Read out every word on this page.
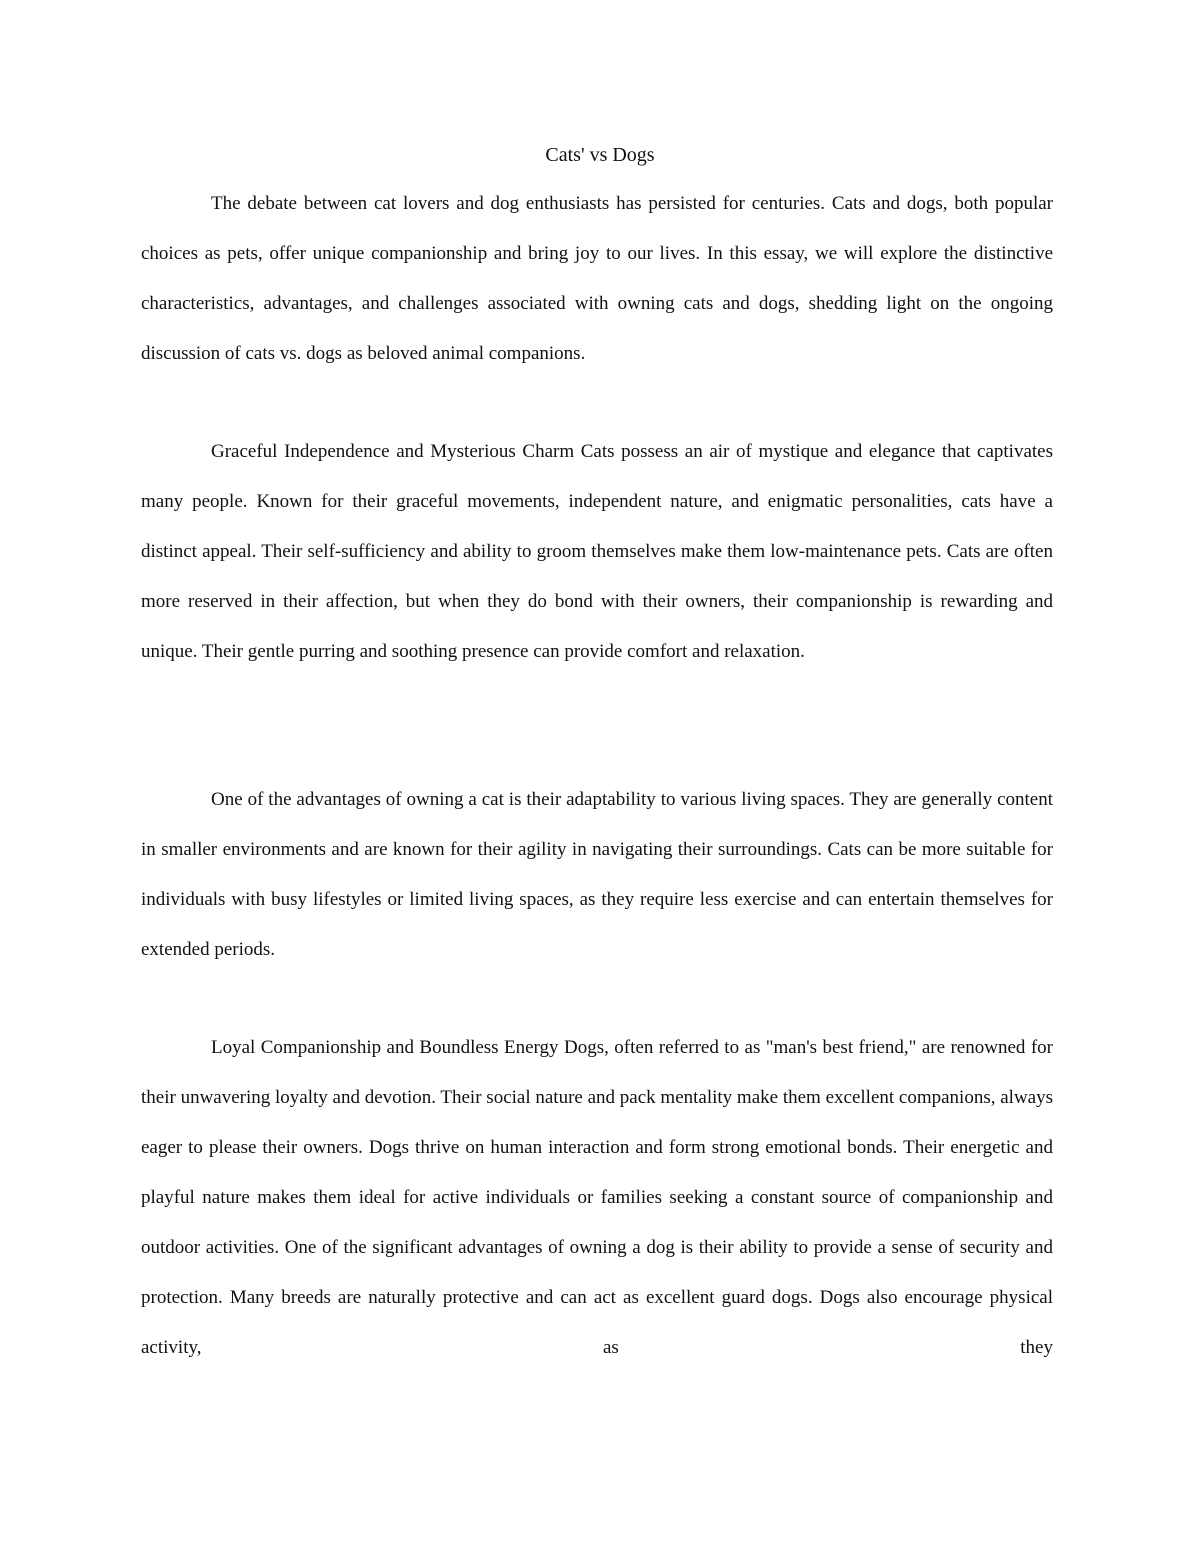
Cats' vs Dogs

The debate between cat lovers and dog enthusiasts has persisted for centuries. Cats and dogs, both popular choices as pets, offer unique companionship and bring joy to our lives. In this essay, we will explore the distinctive characteristics, advantages, and challenges associated with owning cats and dogs, shedding light on the ongoing discussion of cats vs. dogs as beloved animal companions.

Graceful Independence and Mysterious Charm Cats possess an air of mystique and elegance that captivates many people. Known for their graceful movements, independent nature, and enigmatic personalities, cats have a distinct appeal. Their self-sufficiency and ability to groom themselves make them low-maintenance pets. Cats are often more reserved in their affection, but when they do bond with their owners, their companionship is rewarding and unique. Their gentle purring and soothing presence can provide comfort and relaxation.

One of the advantages of owning a cat is their adaptability to various living spaces. They are generally content in smaller environments and are known for their agility in navigating their surroundings. Cats can be more suitable for individuals with busy lifestyles or limited living spaces, as they require less exercise and can entertain themselves for extended periods.

Loyal Companionship and Boundless Energy Dogs, often referred to as "man's best friend," are renowned for their unwavering loyalty and devotion. Their social nature and pack mentality make them excellent companions, always eager to please their owners. Dogs thrive on human interaction and form strong emotional bonds. Their energetic and playful nature makes them ideal for active individuals or families seeking a constant source of companionship and outdoor activities. One of the significant advantages of owning a dog is their ability to provide a sense of security and protection. Many breeds are naturally protective and can act as excellent guard dogs. Dogs also encourage physical activity, as they
